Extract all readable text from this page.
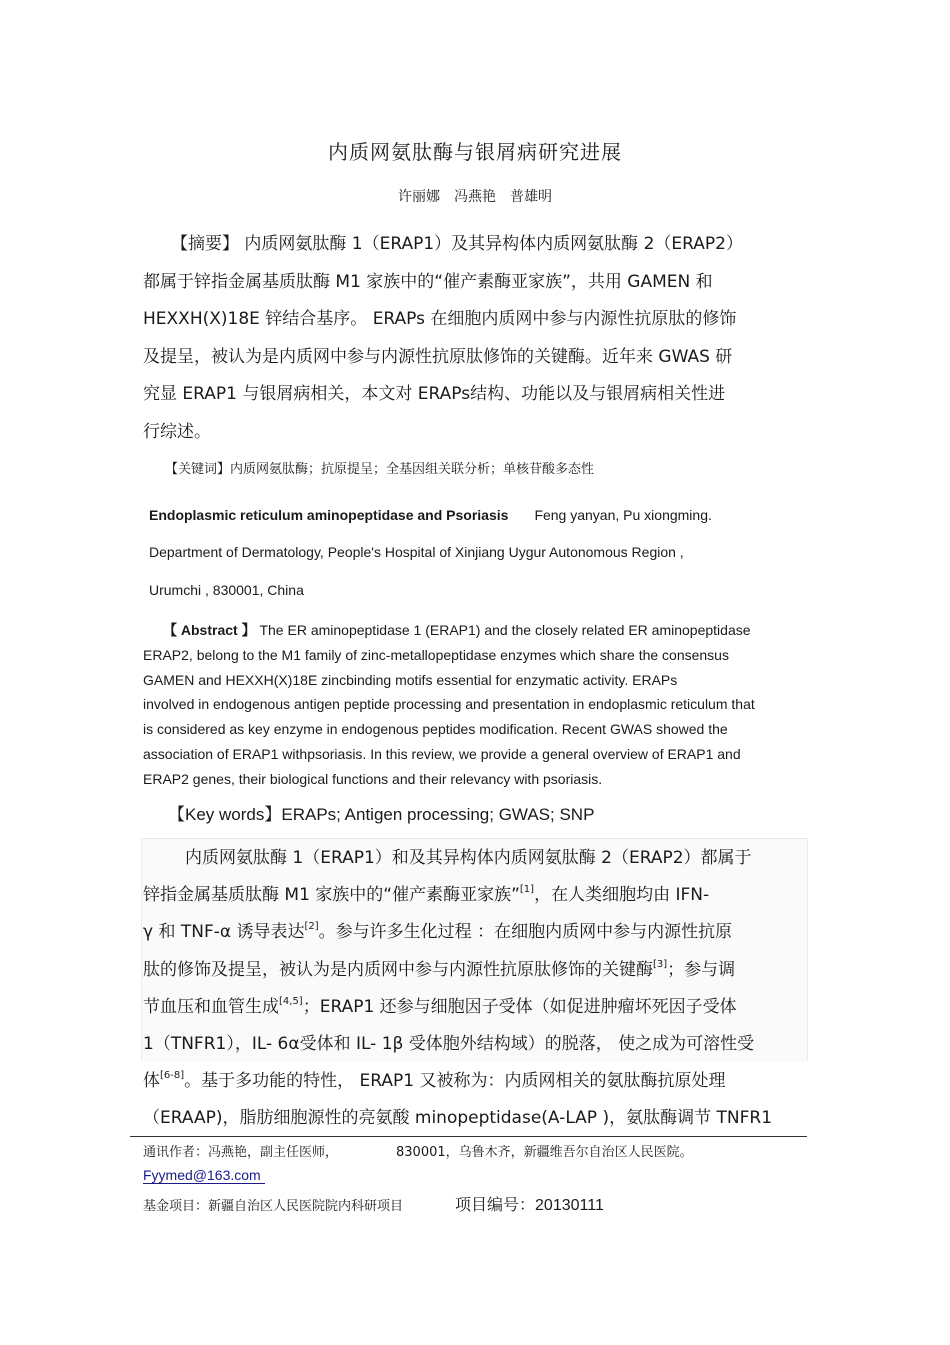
内质网氨肽酶与银屑病研究进展
许丽娜　冯燕艳　普雄明
【摘要】 内质网氨肽酶 1（ERAP1）及其异构体内质网氨肽酶 2（ERAP2）
都属于锌指金属基质肽酶 M1 家族中的“催产素酶亚家族”，共用 GAMEN 和
HEXXH(X)18E 锌结合基序。 ERAPs 在细胞内质网中参与内源性抗原肽的修饰
及提呈，被认为是内质网中参与内源性抗原肽修饰的关键酶。近年来 GWAS 研
究显 ERAP1 与银屑病相关，本文对 ERAPs结构、功能以及与银屑病相关性进
行综述。
【关键词】内质网氨肽酶；抗原提呈；全基因组关联分析；单核苷酸多态性
Endoplasmic reticulum aminopeptidase and Psoriasis Feng yanyan, Pu xiongming.
Department of Dermatology, People's Hospital of Xinjiang Uygur Autonomous Region ,
Urumchi , 830001, China
【 Abstract 】 The ER aminopeptidase 1 (ERAP1) and the closely related ER aminopeptidase
ERAP2, belong to the M1 family of zinc-metallopeptidase enzymes which share the consensus
GAMEN and HEXXH(X)18E zincbinding motifs essential for enzymatic activity. ERAPs
involved in endogenous antigen peptide processing and presentation in endoplasmic reticulum that
is considered as key enzyme in endogenous peptides modification. Recent GWAS showed the
association of ERAP1 withpsoriasis. In this review, we provide a general overview of ERAP1 and
ERAP2 genes, their biological functions and their relevancy with psoriasis.
【Key words】ERAPs; Antigen processing; GWAS; SNP
内质网氨肽酶 1（ERAP1）和及其异构体内质网氨肽酶 2（ERAP2）都属于
锌指金属基质肽酶 M1 家族中的“催产素酶亚家族”[1]，在人类细胞均由 IFN-
γ 和 TNF-α 诱导表达[2]。参与许多生化过程 ：在细胞内质网中参与内源性抗原
肽的修饰及提呈，被认为是内质网中参与内源性抗原肽修饰的关键酶[3]；参与调
节血压和血管生成[4,5]；ERAP1 还参与细胞因子受体（如促进肿瘤坏死因子受体
1（TNFR1），IL- 6α受体和 IL- 1β 受体胞外结构域）的脱落， 使之成为可溶性受
体[6-8]。基于多功能的特性， ERAP1 又被称为：内质网相关的氨肽酶抗原处理
（ERAAP)，脂肪细胞源性的亮氨酸 minopeptidase(A-LAP )，氨肽酶调节 TNFR1
通讯作者：冯燕艳，副主任医师，	830001，乌鲁木齐，新疆维吾尔自治区人民医院。
Fyymed@163.com
基金项目：新疆自治区人民医院院内科研项目	项目编号：20130111
